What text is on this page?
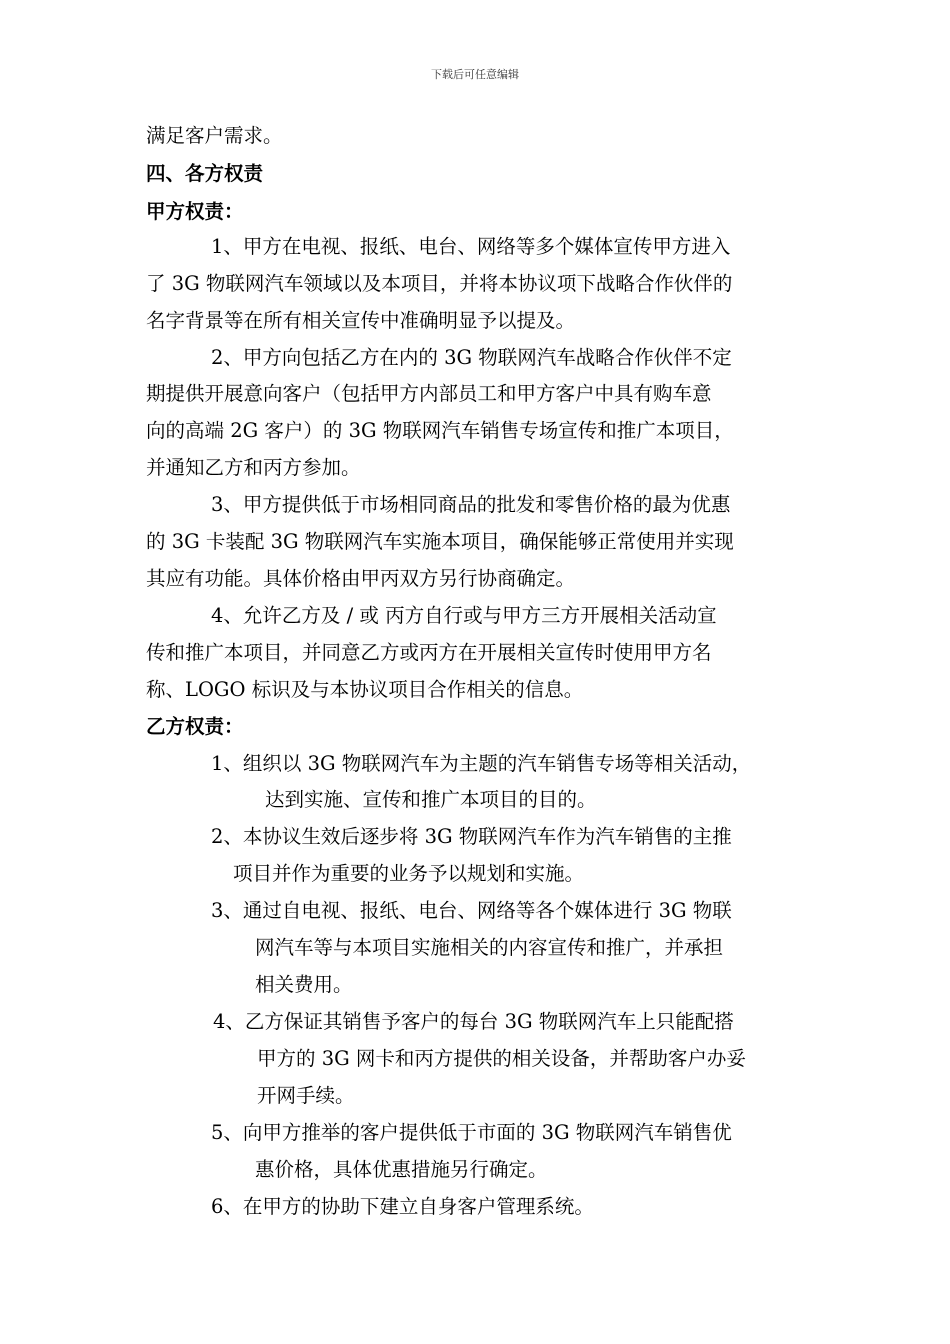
下载后可任意编辑
满足客户需求。
四、各方权责
甲方权责：
1、甲方在电视、报纸、电台、网络等多个媒体宣传甲方进入
了 3G 物联网汽车领域以及本项目，并将本协议项下战略合作伙伴的
名字背景等在所有相关宣传中准确明显予以提及。
2、甲方向包括乙方在内的 3G 物联网汽车战略合作伙伴不定
期提供开展意向客户（包括甲方内部员工和甲方客户中具有购车意
向的高端 2G 客户）的 3G 物联网汽车销售专场宣传和推广本项目，
并通知乙方和丙方参加。
3、甲方提供低于市场相同商品的批发和零售价格的最为优惠
的 3G 卡装配 3G 物联网汽车实施本项目，确保能够正常使用并实现
其应有功能。具体价格由甲丙双方另行协商确定。
4、允许乙方及 / 或 丙方自行或与甲方三方开展相关活动宣
传和推广本项目，并同意乙方或丙方在开展相关宣传时使用甲方名
称、LOGO 标识及与本协议项目合作相关的信息。
乙方权责：
1、组织以 3G 物联网汽车为主题的汽车销售专场等相关活动，
达到实施、宣传和推广本项目的目的。
2、本协议生效后逐步将 3G 物联网汽车作为汽车销售的主推
项目并作为重要的业务予以规划和实施。
3、通过自电视、报纸、电台、网络等各个媒体进行 3G 物联
网汽车等与本项目实施相关的内容宣传和推广，并承担
相关费用。
4、乙方保证其销售予客户的每台 3G 物联网汽车上只能配搭
甲方的 3G 网卡和丙方提供的相关设备，并帮助客户办妥
开网手续。
5、向甲方推举的客户提供低于市面的 3G 物联网汽车销售优
惠价格，具体优惠措施另行确定。
6、在甲方的协助下建立自身客户管理系统。
